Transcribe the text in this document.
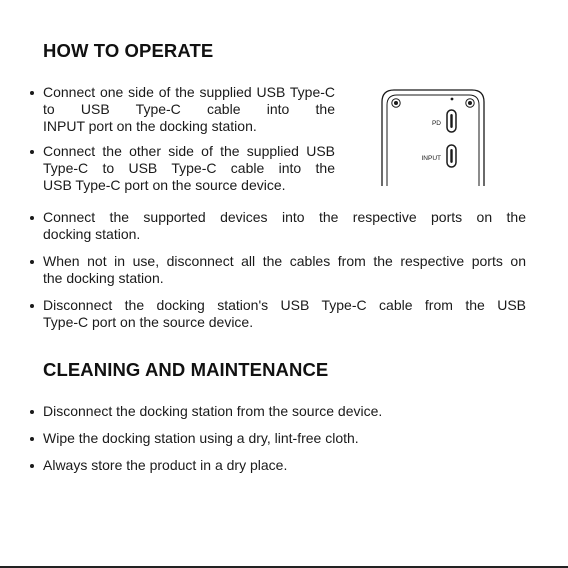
HOW TO OPERATE
Connect one side of the supplied USB Type-C to USB Type-C cable into the
INPUT port on the docking station.
Connect the other side of the supplied USB Type-C to USB Type-C cable into the
USB Type-C port on the source device.
PD
INPUT
Connect the supported devices into the respective ports on the
docking station.
When not in use, disconnect all the cables from the respective ports on
the docking station.
Disconnect the docking station's USB Type-C cable from the USB
Type-C port on the source device.
CLEANING AND MAINTENANCE
Disconnect the docking station from the source device.
Wipe the docking station using a dry, lint-free cloth.
Always store the product in a dry place.
